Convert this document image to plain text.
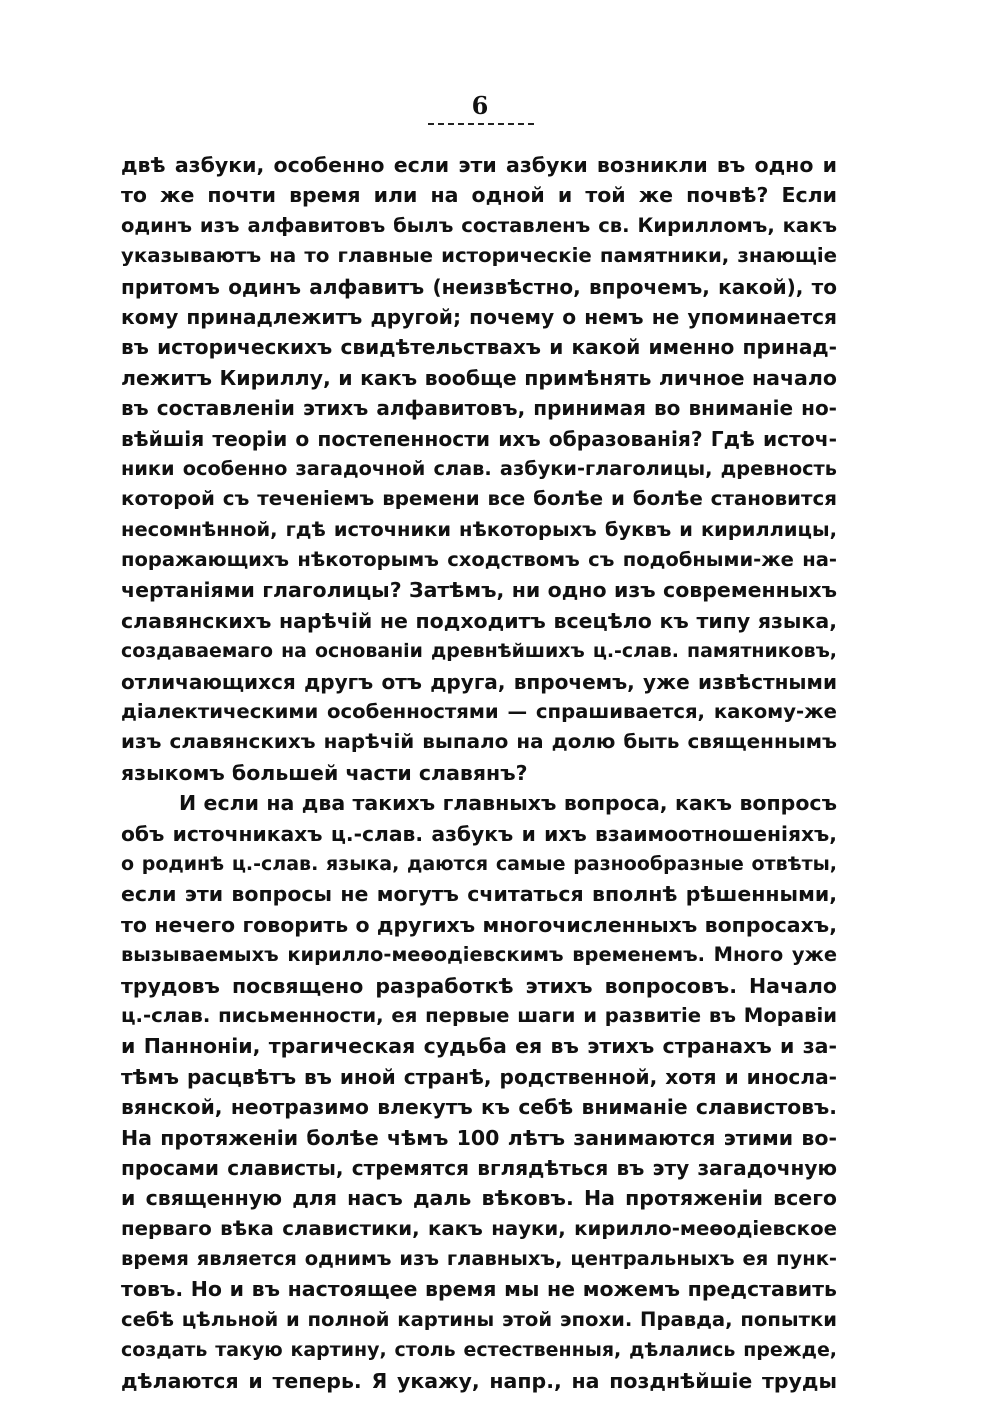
6
двѣ азбуки, особенно если эти азбуки возникли въ одно и
то же почти время или на одной и той же почвѣ? Если
одинъ изъ алфавитовъ былъ составленъ св. Кирилломъ, какъ
указываютъ на то главные историческіе памятники, знающіе
притомъ одинъ алфавитъ (неизвѣстно, впрочемъ, какой), то
кому принадлежитъ другой; почему о немъ не упоминается
въ историческихъ свидѣтельствахъ и какой именно принад-
лежитъ Кириллу, и какъ вообще примѣнять личное начало
въ составленіи этихъ алфавитовъ, принимая во вниманіе но-
вѣйшія теоріи о постепенности ихъ образованія? Гдѣ источ-
ники особенно загадочной слав. азбуки-глаголицы, древность
которой съ теченіемъ времени все болѣе и болѣе становится
несомнѣнной, гдѣ источники нѣкоторыхъ буквъ и кириллицы,
поражающихъ нѣкоторымъ сходствомъ съ подобными-же на-
чертаніями глаголицы? Затѣмъ, ни одно изъ современныхъ
славянскихъ нарѣчій не подходитъ всецѣло къ типу языка,
создаваемаго на основаніи древнѣйшихъ ц.-слав. памятниковъ,
отличающихся другъ отъ друга, впрочемъ, уже извѣстными
діалектическими особенностями — спрашивается, какому-же
изъ славянскихъ нарѣчій выпало на долю быть священнымъ
языкомъ большей части славянъ?
И если на два такихъ главныхъ вопроса, какъ вопросъ
объ источникахъ ц.-слав. азбукъ и ихъ взаимоотношеніяхъ,
о родинѣ ц.-слав. языка, даются самые разнообразные отвѣты,
если эти вопросы не могутъ считаться вполнѣ рѣшенными,
то нечего говорить о другихъ многочисленныхъ вопросахъ,
вызываемыхъ кирилло-меѳодіевскимъ временемъ. Много уже
трудовъ посвящено разработкѣ этихъ вопросовъ. Начало
ц.-слав. письменности, ея первые шаги и развитіе въ Моравіи
и Панноніи, трагическая судьба ея въ этихъ странахъ и за-
тѣмъ расцвѣтъ въ иной странѣ, родственной, хотя и иносла-
вянской, неотразимо влекутъ къ себѣ вниманіе славистовъ.
На протяженіи болѣе чѣмъ 100 лѣтъ занимаются этими во-
просами слависты, стремятся вглядѣться въ эту загадочную
и священную для насъ даль вѣковъ. На протяженіи всего
перваго вѣка славистики, какъ науки, кирилло-меѳодіевское
время является однимъ изъ главныхъ, центральныхъ ея пунк-
товъ. Но и въ настоящее время мы не можемъ представить
себѣ цѣльной и полной картины этой эпохи. Правда, попытки
создать такую картину, столь естественныя, дѣлались прежде,
дѣлаются и теперь. Я укажу, напр., на позднѣйшіе труды
